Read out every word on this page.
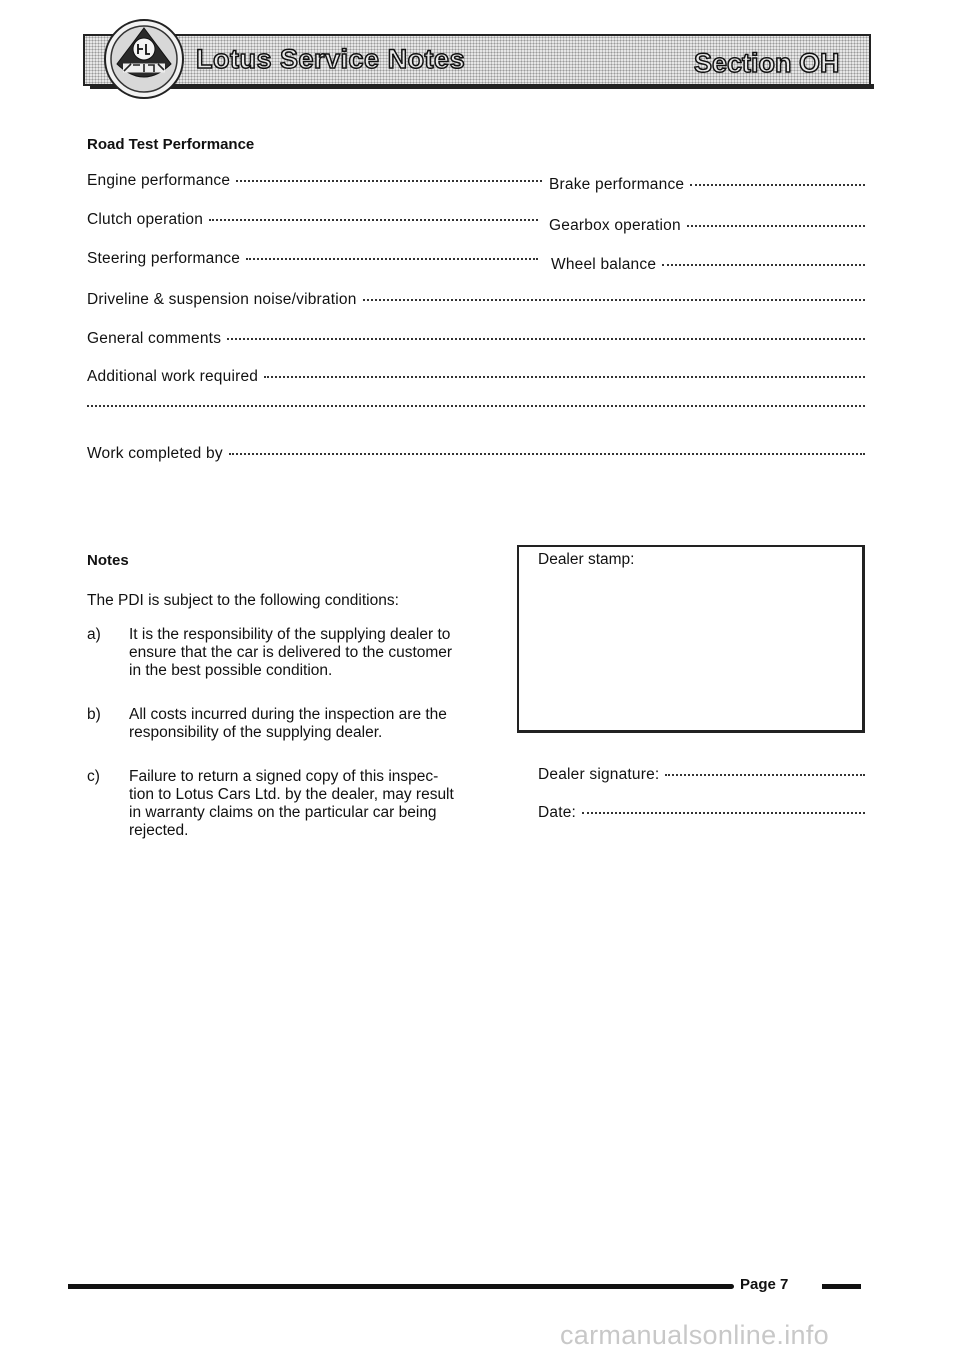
Lotus Service Notes	Section OH
Road Test Performance
Engine performance	Brake performance
Clutch operation	Gearbox operation
Steering performance	Wheel balance
Driveline & suspension noise/vibration
General comments
Additional work required
Work completed by
Notes
The PDI is subject to the following conditions:
a) It is the responsibility of the supplying dealer to ensure that the car is delivered to the customer in the best possible condition.
b) All costs incurred during the inspection are the responsibility of the supplying dealer.
c) Failure to return a signed copy of this inspec-tion to Lotus Cars Ltd. by the dealer, may result in warranty claims on the particular car being rejected.
Dealer stamp:
Dealer signature:
Date:
Page 7
carmanualsonline.info
